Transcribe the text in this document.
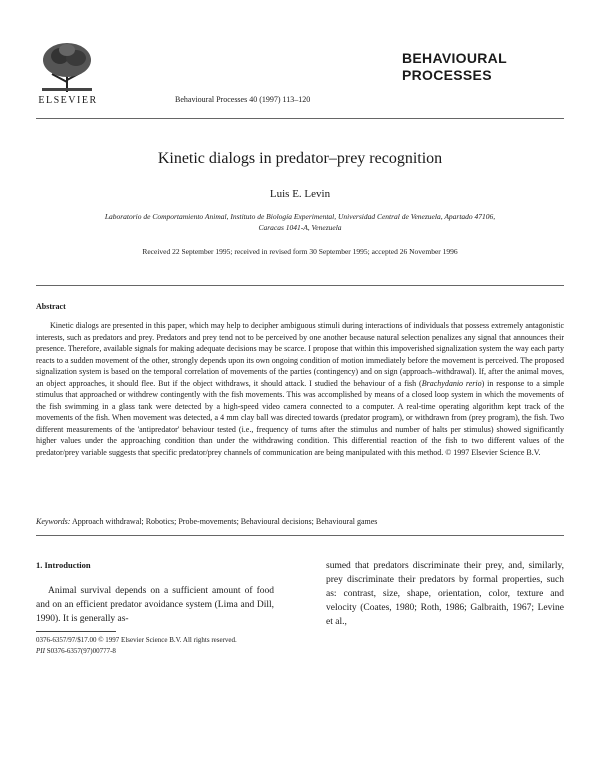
ELSEVIER	Behavioural Processes 40 (1997) 113–120
BEHAVIOURAL
PROCESSES
Kinetic dialogs in predator–prey recognition
Luis E. Levin
Laboratorio de Comportamiento Animal, Instituto de Biología Experimental, Universidad Central de Venezuela, Apartado 47106,
Caracas 1041-A, Venezuela
Received 22 September 1995; received in revised form 30 September 1995; accepted 26 November 1996
Abstract
Kinetic dialogs are presented in this paper, which may help to decipher ambiguous stimuli during interactions of individuals that possess extremely antagonistic interests, such as predators and prey. Predators and prey tend not to be perceived by one another because natural selection penalizes any signal that announces their presence. Therefore, available signals for making adequate decisions may be scarce. I propose that within this impoverished signalization system the way each party reacts to a sudden movement of the other, strongly depends upon its own ongoing condition of motion immediately before the movement is perceived. The proposed signalization system is based on the temporal correlation of movements of the parties (contingency) and on sign (approach–withdrawal). If, after the animal moves, an object approaches, it should flee. But if the object withdraws, it should attack. I studied the behaviour of a fish (Brachydanio rerio) in response to a simple stimulus that approached or withdrew contingently with the fish movements. This was accomplished by means of a closed loop system in which the movements of the fish swimming in a glass tank were detected by a high-speed video camera connected to a computer. A real-time operating algorithm kept track of the movements of the fish. When movement was detected, a 4 mm clay ball was directed towards (predator program), or withdrawn from (prey program), the fish. Two different measurements of the 'antipredator' behaviour tested (i.e., frequency of turns after the stimulus and number of halts per stimulus) showed significantly higher values under the approaching condition than under the withdrawing condition. This differential reaction of the fish to two different values of the predator/prey variable suggests that specific predator/prey channels of communication are being manipulated with this method. © 1997 Elsevier Science B.V.
Keywords: Approach withdrawal; Robotics; Probe-movements; Behavioural decisions; Behavioural games
1. Introduction
Animal survival depends on a sufficient amount of food and on an efficient predator avoidance system (Lima and Dill, 1990). It is generally as-
sumed that predators discriminate their prey, and, similarly, prey discriminate their predators by formal properties, such as: contrast, size, shape, orientation, color, texture and velocity (Coates, 1980; Roth, 1986; Galbraith, 1967; Levine et al.,
0376-6357/97/$17.00 © 1997 Elsevier Science B.V. All rights reserved.
PII S0376-6357(97)00777-8
